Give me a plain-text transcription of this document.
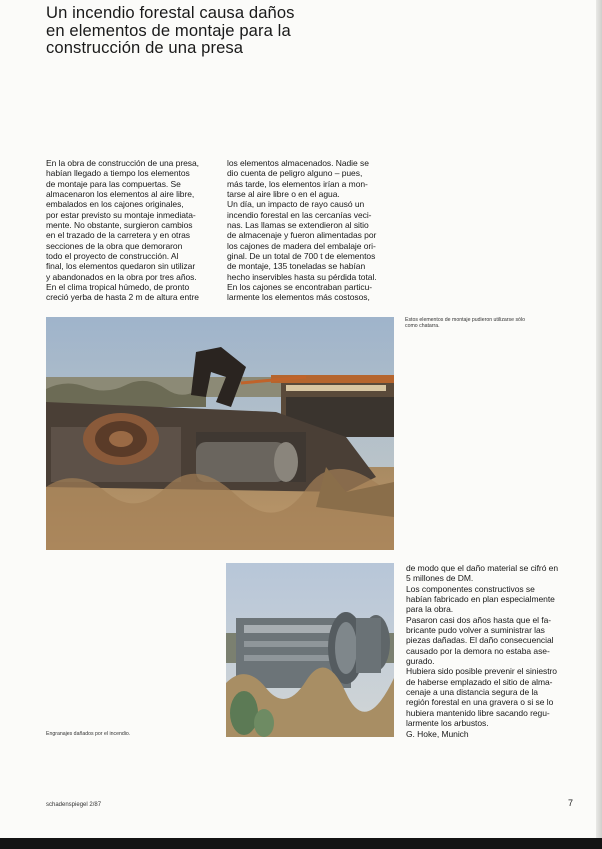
Un incendio forestal causa daños
en elementos de montaje para la
construcción de una presa
En la obra de construcción de una presa,
habían llegado a tiempo los elementos
de montaje para las compuertas. Se
almacenaron los elementos al aire libre,
embalados en los cajones originales,
por estar previsto su montaje inmediata-
mente. No obstante, surgieron cambios
en el trazado de la carretera y en otras
secciones de la obra que demoraron
todo el proyecto de construcción. Al
final, los elementos quedaron sin utilizar
y abandonados en la obra por tres años.
En el clima tropical húmedo, de pronto
creció yerba de hasta 2 m de altura entre
los elementos almacenados. Nadie se
dio cuenta de peligro alguno – pues,
más tarde, los elementos irían a mon-
tarse al aire libre o en el agua.
Un día, un impacto de rayo causó un
incendio forestal en las cercanías veci-
nas. Las llamas se extendieron al sitio
de almacenaje y fueron alimentadas por
los cajones de madera del embalaje ori-
ginal. De un total de 700 t de elementos
de montaje, 135 toneladas se habían
hecho inservibles hasta su pérdida total.
En los cajones se encontraban particu-
larmente los elementos más costosos,
Estos elementos de montaje pudieron utilizarse sólo
como chatarra.
de modo que el daño material se cifró en
5 millones de DM.
Los componentes constructivos se
habían fabricado en plan especialmente
para la obra.
Pasaron casi dos años hasta que el fa-
bricante pudo volver a suministrar las
piezas dañadas. El daño consecuencial
causado por la demora no estaba ase-
gurado.
Hubiera sido posible prevenir el siniestro
de haberse emplazado el sitio de alma-
cenaje a una distancia segura de la
región forestal en una gravera o si se lo
hubiera mantenido libre sacando regu-
larmente los arbustos.
G. Hoke, Munich
Engranajes dañados por el incendio.
schadenspiegel 2/87	7
